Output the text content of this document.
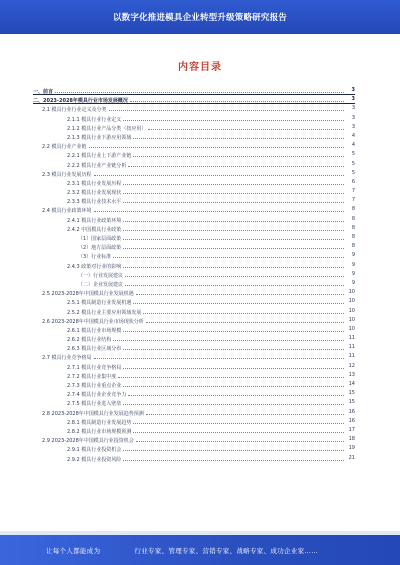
以数字化推进模具企业转型升级策略研究报告
内容目录
一、前言	3
二、2023-2028年模具行业市场发展概况	3
2.1 模具行业行业定义及分类	3
2.1.1 模具行业行业定义	3
2.1.2 模具行业产品分类（按应用）	3
2.1.3 模具行业下游应用领域	4
2.2 模具行业产业链	4
2.2.1 模具行业上下游产业链	5
2.2.2 模具行业产业链分析	5
2.3 模具行业发展历程	5
2.3.1 模具行业发展历程	6
2.3.2 模具行业发展现状	7
2.3.3 模具行业技术水平	7
2.4 模具行业政策环境	8
2.4.1 模具行业政策环境	8
2.4.2 中国模具行业政策	8
（1）国家层面政策	8
（2）地方层面政策	8
（3）行业标准	9
2.4.3 政策对行业的影响	9
（一）行业发展建议	9
（二）企业发展建议	9
2.5 2023-2028年中国模具行业发展机遇	10
2.5.1 模具制造行业发展机遇	10
2.5.2 模具行业主要应用领域发展	10
2.6 2023-2028年中国模具行业市场现状分析	10
2.6.1 模具行业市场规模	10
2.6.2 模具行业结构	11
2.6.3 模具行业区域分布	11
2.7 模具行业竞争格局	11
2.7.1 模具行业竞争格局	12
2.7.2 模具行业集中度	13
2.7.3 模具行业重点企业	14
2.7.4 模具行业企业竞争力	15
2.7.5 模具行业进入壁垒	15
2.8 2023-2028年中国模具行业发展趋势预测	16
2.8.1 模具制造行业发展趋势	16
2.8.2 模具行业市场规模预测	17
2.9 2023-2028年中国模具行业投资机会	18
2.9.1 模具行业投资机会	19
2.9.2 模具行业投资风险	21
让每个人都能成为	行业专家、管理专家、营销专家、战略专家、成功企业家……
